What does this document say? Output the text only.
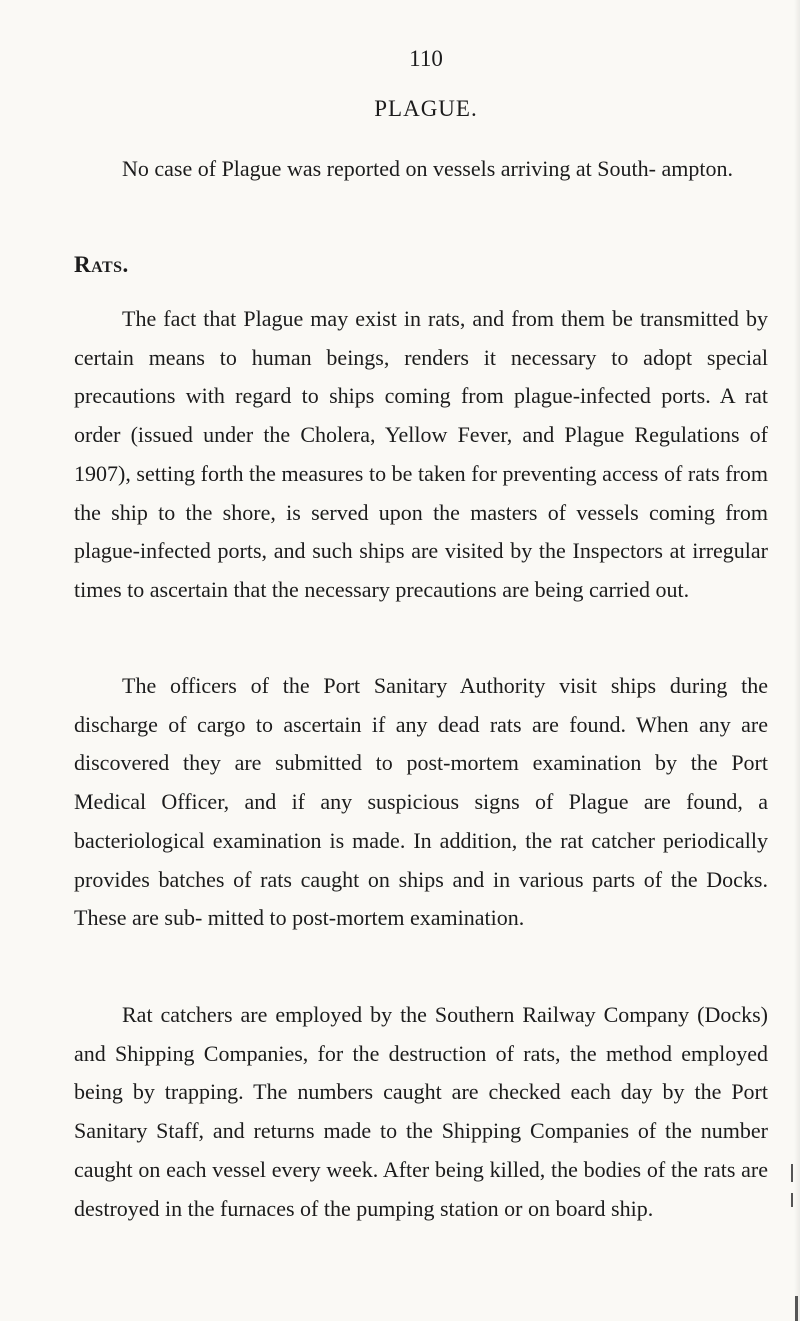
110
PLAGUE.

No case of Plague was reported on vessels arriving at South- ampton.

Rats.

The fact that Plague may exist in rats, and from them be transmitted by certain means to human beings, renders it necessary to adopt special precautions with regard to ships coming from plague-infected ports. A rat order (issued under the Cholera, Yellow Fever, and Plague Regulations of 1907), setting forth the measures to be taken for preventing access of rats from the ship to the shore, is served upon the masters of vessels coming from plague-infected ports, and such ships are visited by the Inspectors at irregular times to ascertain that the necessary precautions are being carried out.

The officers of the Port Sanitary Authority visit ships during the discharge of cargo to ascertain if any dead rats are found. When any are discovered they are submitted to post-mortem examination by the Port Medical Officer, and if any suspicious signs of Plague are found, a bacteriological examination is made. In addition, the rat catcher periodically provides batches of rats caught on ships and in various parts of the Docks. These are sub- mitted to post-mortem examination.

Rat catchers are employed by the Southern Railway Company (Docks) and Shipping Companies, for the destruction of rats, the method employed being by trapping. The numbers caught are checked each day by the Port Sanitary Staff, and returns made to the Shipping Companies of the number caught on each vessel every week. After being killed, the bodies of the rats are destroyed in the furnaces of the pumping station or on board ship.
